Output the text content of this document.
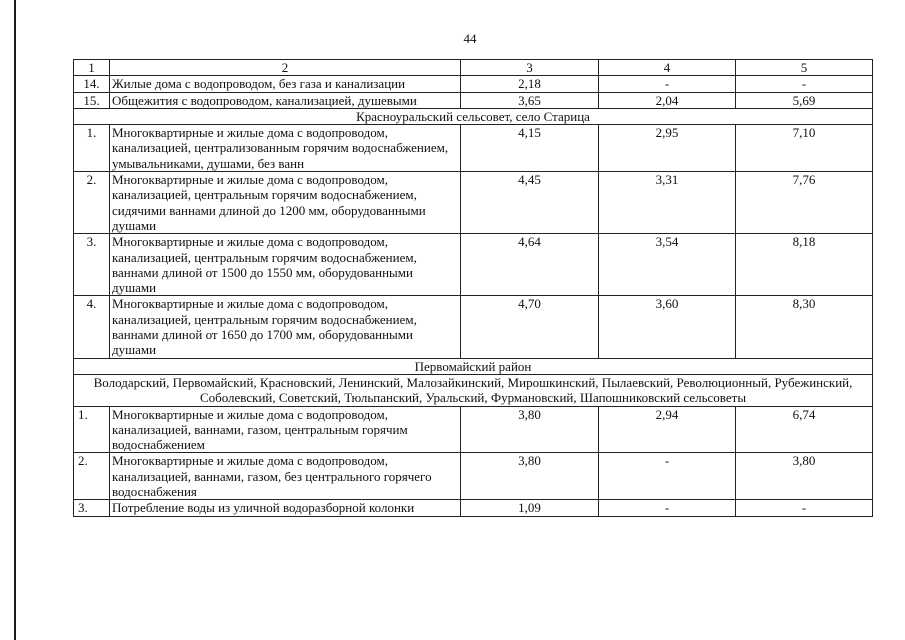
44
1	2	3	4	5
14.	Жилые дома с водопроводом, без газа и канализации	2,18	-	-
15.	Общежития с водопроводом, канализацией, душевыми	3,65	2,04	5,69
Красноуральский сельсовет, село Старица				
1.	Многоквартирные и жилые дома с водопроводом, канализацией, централизованным горячим водоснабжением, умывальниками, душами, без ванн	4,15	2,95	7,10
2.	Многоквартирные и жилые дома с водопроводом, канализацией, центральным горячим водоснабжением, сидячими ваннами длиной до 1200 мм, оборудованными душами	4,45	3,31	7,76
3.	Многоквартирные и жилые дома с водопроводом, канализацией, центральным горячим водоснабжением, ваннами длиной от 1500 до 1550 мм, оборудованными душами	4,64	3,54	8,18
4.	Многоквартирные и жилые дома с водопроводом, канализацией, центральным горячим водоснабжением, ваннами длиной от 1650 до 1700 мм, оборудованными душами	4,70	3,60	8,30
Первомайский район				
Володарский, Первомайский, Красновский, Ленинский, Малозайкинский, Мирошкинский, Пылаевский, Революционный, Рубежинский, Соболевский, Советский, Тюльпанский, Уральский, Фурмановский, Шапошниковский сельсоветы				
1.	Многоквартирные и жилые дома с водопроводом, канализацией, ваннами, газом, центральным горячим водоснабжением	3,80	2,94	6,74
2.	Многоквартирные и жилые дома с водопроводом, канализацией, ваннами, газом, без центрального горячего водоснабжения	3,80	-	3,80
3.	Потребление воды из уличной водоразборной колонки	1,09	-	-
